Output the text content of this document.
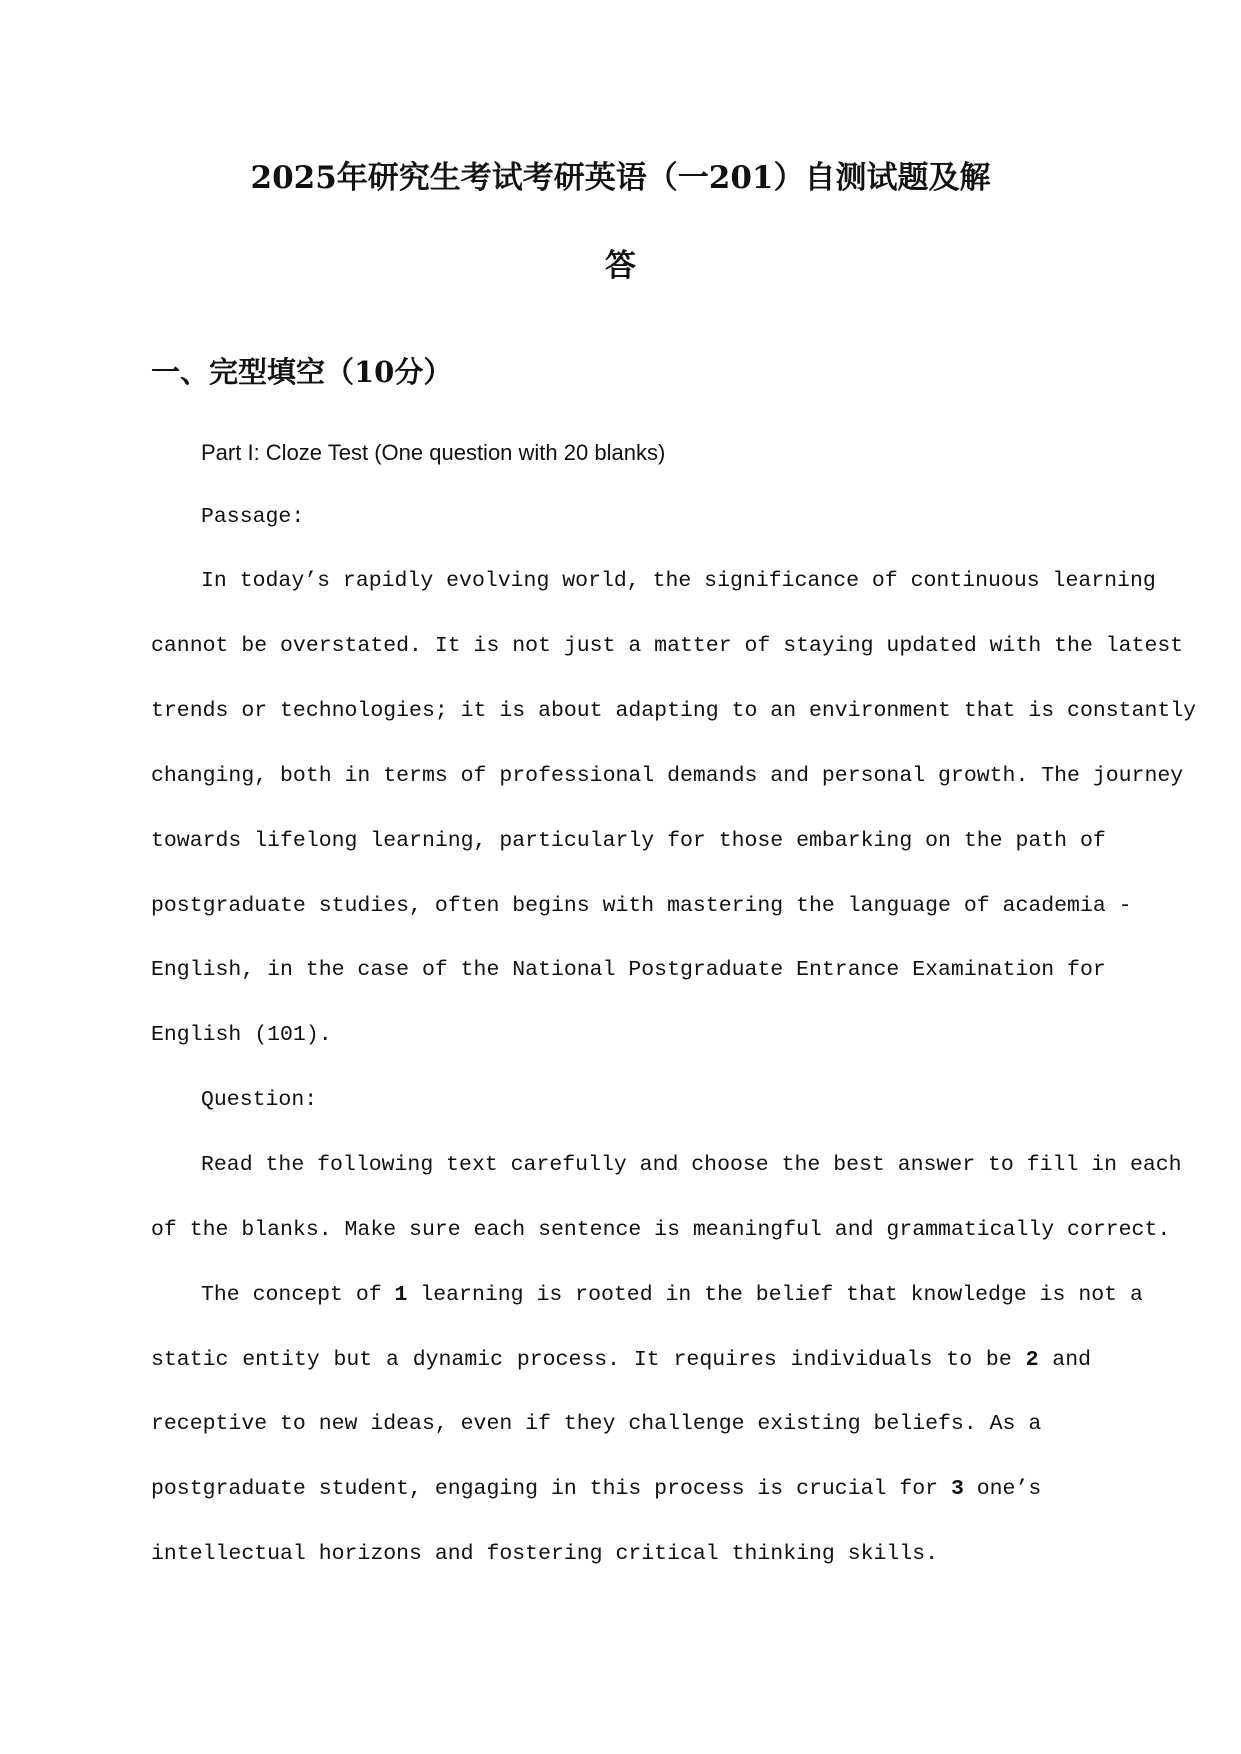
2025年研究生考试考研英语（一201）自测试题及解
答
一、完型填空（10分）

Part I: Cloze Test (One question with 20 blanks)

Passage:

In today’s rapidly evolving world, the significance of continuous learning

cannot be overstated. It is not just a matter of staying updated with the latest

trends or technologies; it is about adapting to an environment that is constantly

changing, both in terms of professional demands and personal growth. The journey

towards lifelong learning, particularly for those embarking on the path of

postgraduate studies, often begins with mastering the language of academia -

English, in the case of the National Postgraduate Entrance Examination for

English (101).

Question:

Read the following text carefully and choose the best answer to fill in each

of the blanks. Make sure each sentence is meaningful and grammatically correct.

The concept of 1 learning is rooted in the belief that knowledge is not a

static entity but a dynamic process. It requires individuals to be 2 and

receptive to new ideas, even if they challenge existing beliefs. As a

postgraduate student, engaging in this process is crucial for 3 one’s

intellectual horizons and fostering critical thinking skills.
